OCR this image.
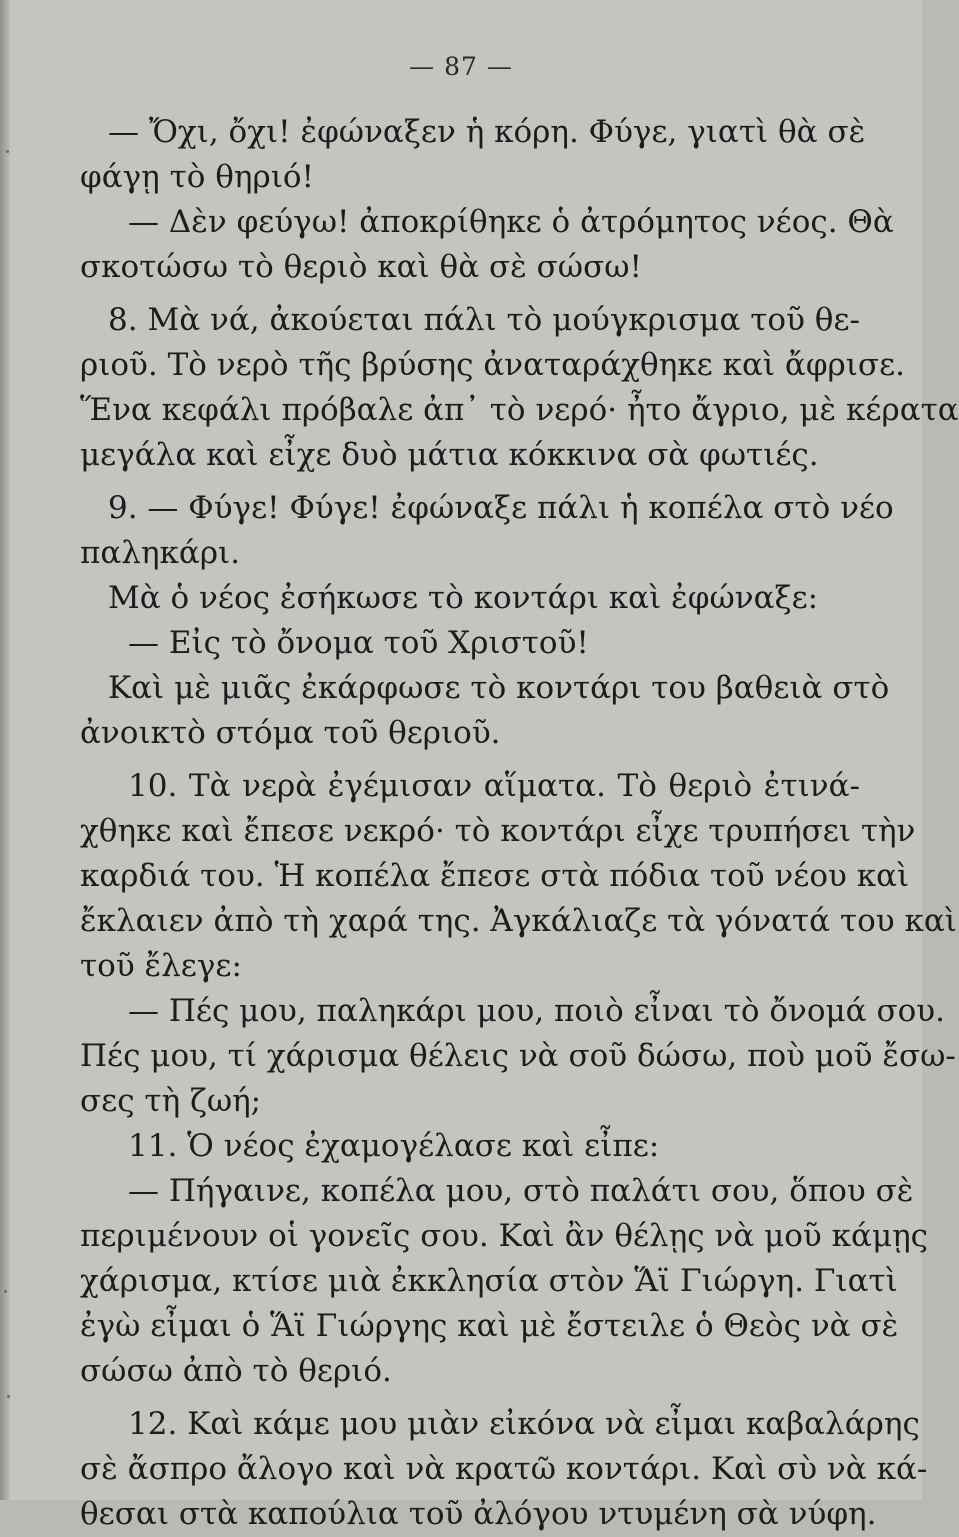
— 87 —
— Ὄχι, ὄχι! ἐφώναξεν ἡ κόρη. Φύγε, γιατὶ θὰ σὲ
φάγῃ τὸ θηριό!
— Δὲν φεύγω! ἀποκρίθηκε ὁ ἀτρόμητος νέος. Θὰ
σκοτώσω τὸ θεριὸ καὶ θὰ σὲ σώσω!
8. Μὰ νά, ἀκούεται πάλι τὸ μούγκρισμα τοῦ θε-
ριοῦ. Τὸ νερὸ τῆς βρύσης ἀναταράχθηκε καὶ ἄφρισε.
Ἕνα κεφάλι πρόβαλε ἀπ᾽ τὸ νερό· ἦτο ἄγριο, μὲ κέρατα
μεγάλα καὶ εἶχε δυὸ μάτια κόκκινα σὰ φωτιές.
9. — Φύγε! Φύγε! ἐφώναξε πάλι ἡ κοπέλα στὸ νέο
παληκάρι.
Μὰ ὁ νέος ἐσήκωσε τὸ κοντάρι καὶ ἐφώναξε:
— Εἰς τὸ ὄνομα τοῦ Χριστοῦ!
Καὶ μὲ μιᾶς ἐκάρφωσε τὸ κοντάρι του βαθειὰ στὸ
ἀνοικτὸ στόμα τοῦ θεριοῦ.
10. Τὰ νερὰ ἐγέμισαν αἵματα. Τὸ θεριὸ ἐτινά-
χθηκε καὶ ἔπεσε νεκρό· τὸ κοντάρι εἶχε τρυπήσει τὴν
καρδιά του. Ἡ κοπέλα ἔπεσε στὰ πόδια τοῦ νέου καὶ
ἔκλαιεν ἀπὸ τὴ χαρά της. Ἀγκάλιαζε τὰ γόνατά του καὶ
τοῦ ἔλεγε:
— Πές μου, παληκάρι μου, ποιὸ εἶναι τὸ ὄνομά σου.
Πές μου, τί χάρισμα θέλεις νὰ σοῦ δώσω, ποὺ μοῦ ἔσω-
σες τὴ ζωή;
11. Ὁ νέος ἐχαμογέλασε καὶ εἶπε:
— Πήγαινε, κοπέλα μου, στὸ παλάτι σου, ὅπου σὲ
περιμένουν οἱ γονεῖς σου. Καὶ ἂν θέλῃς νὰ μοῦ κάμῃς
χάρισμα, κτίσε μιὰ ἐκκλησία στὸν Ἅϊ Γιώργη. Γιατὶ
ἐγὼ εἶμαι ὁ Ἅϊ Γιώργης καὶ μὲ ἔστειλε ὁ Θεὸς νὰ σὲ
σώσω ἀπὸ τὸ θεριό.
12. Καὶ κάμε μου μιὰν εἰκόνα νὰ εἶμαι καβαλάρης
σὲ ἄσπρο ἄλογο καὶ νὰ κρατῶ κοντάρι. Καὶ σὺ νὰ κά-
θεσαι στὰ καπούλια τοῦ ἀλόγου ντυμένη σὰ νύφη.
